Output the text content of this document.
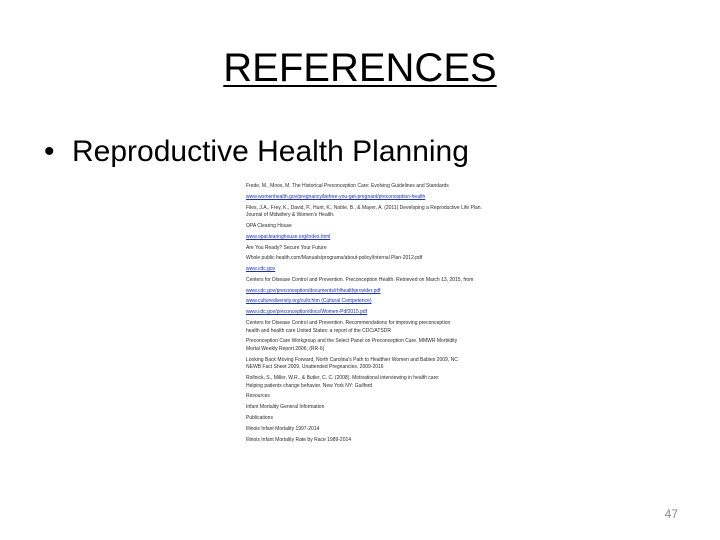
REFERENCES
• Reproductive Health Planning
Frede, M., Moos, M. The Historical Preconception Care: Evolving Guidelines and Standards
www.womenhealth.gov/pregnancy/before-you-get-pregnant/preconception-health
Files, J.A., Frey, K., David, P., Hunt, K., Noble, B., & Mayer, A. (2011) Developing a Reproductive Life Plan.
Journal of Midwifery & Women's Health.
OPA Clearing House
www.opaclearinghouse.org/index.html
Are You Ready? Secure Your Future
Whole public health.com/Manuals/programs/about-policy/Internal Plan-2012.pdf
www.cdc.gov
Centers for Disease Control and Prevention. Preconception Health. Retrieved on March 13, 2015, from
www.cdc.gov/preconception/documents/rhlhealthprovider.pdf
www.culturediversity.org/cultr.htm (Cultural Competence)
www.cdc.gov/preconception/docs/Women-Pdf2015.pdf
Centers for Disease Control and Prevention. Recommendations for improving preconception
health and health care United States: a report of the CDC/ATSDR
Preconception Care Workgroup and the Select Panel on Preconception Care. MMWR Morbidity
Mortal Weekly Report 2006; (RR-6)
Looking Back Moving Forward, North Carolina's Path to Healthier Women and Babies 2009, NC
NEWB Fact Sheet 2009. Unattended Pregnancies. 2009-2016
Rollnick, S., Miller, W.R., & Butler, C. C. (2008). Motivational interviewing in health care:
Helping patients change behavior. New York NY: Guilford
Resources
Infant Mortality General Information
Publications
Illinois Infant Mortality 1997-2014
Illinois Infant Mortality Rate by Race 1989-2014
47
